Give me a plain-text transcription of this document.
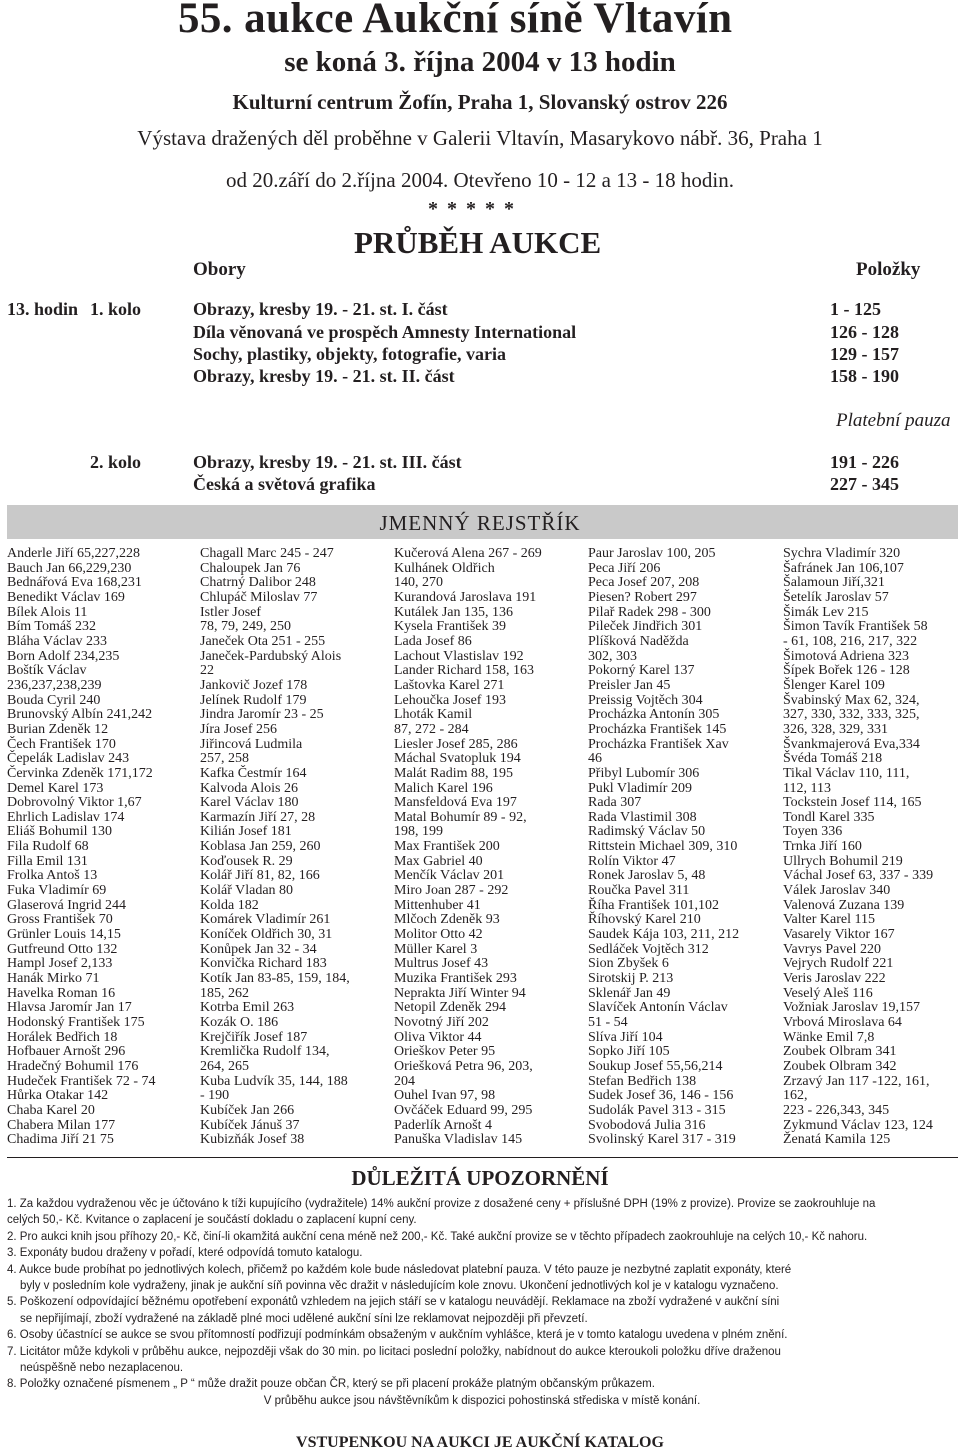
55. aukce Aukční síně Vltavín
se koná 3. října 2004 v 13 hodin
Kulturní centrum Žofín, Praha 1, Slovanský ostrov 226
Výstava dražených děl proběhne v Galerii Vltavín, Masarykovo nábř. 36, Praha 1
od 20.září do 2.října 2004. Otevřeno 10 - 12 a 13 - 18 hodin.
* * * * *
PRŮBĚH AUKCE
Obory	Položky
13. hodin 1. kolo	Obrazy, kresby 19. - 21. st. I. část	1 - 125
Díla věnovaná ve prospěch Amnesty International	126 - 128
Sochy, plastiky, objekty, fotografie, varia	129 - 157
Obrazy, kresby 19. - 21. st. II. část	158 - 190
Platební pauza
2. kolo	Obrazy, kresby 19. - 21. st. III. část	191 - 226
Česká a světová grafika	227 - 345
JMENNÝ REJSTŘÍK
Anderle Jiří 65,227,228
Bauch Jan 66,229,230
Bednářová Eva 168,231
Benedikt Václav 169
Bílek Alois 11
Bím Tomáš 232
Bláha Václav 233
Born Adolf 234,235
Boštík Václav
236,237,238,239
Bouda Cyril 240
Brunovský Albín 241,242
Burian Zdeněk 12
Čech František 170
Čepelák Ladislav 243
Červinka Zdeněk 171,172
Demel Karel 173
Dobrovolný Viktor 1,67
Ehrlich Ladislav 174
Eliáš Bohumil 130
Fila Rudolf 68
Filla Emil 131
Frolka Antoš 13
Fuka Vladimír 69
Glaserová Ingrid 244
Gross František 70
Grünler Louis 14,15
Gutfreund Otto 132
Hampl Josef 2,133
Hanák Mirko 71
Havelka Roman 16
Hlavsa Jaromír Jan 17
Hodonský František 175
Horálek Bedřich 18
Hofbauer Arnošt 296
Hradečný Bohumil 176
Hudeček František 72 - 74
Hůrka Otakar 142
Chaba Karel 20
Chabera Milan 177
Chadima Jiří 21 75
Chagall Marc 245 - 247
Chaloupek Jan 76
Chatrný Dalibor 248
Chlupáč Miloslav 77
Istler Josef
78, 79, 249, 250
Janeček Ota 251 - 255
Janeček-Pardubský Alois
22
Jankovič Jozef 178
Jelínek Rudolf 179
Jindra Jaromír 23 - 25
Jíra Josef 256
Jiřincová Ludmila
257, 258
Kafka Čestmír 164
Kalvoda Alois 26
Karel Václav 180
Karmazín Jiří 27, 28
Kilián Josef 181
Koblasa Jan 259, 260
Koďousek R. 29
Kolář Jiří 81, 82, 166
Kolář Vladan 80
Kolda 182
Komárek Vladimír 261
Koníček Oldřich 30, 31
Konůpek Jan 32 - 34
Konvička Richard 183
Kotík Jan 83-85, 159, 184,
185, 262
Kotrba Emil 263
Kozák O. 186
Krejčiřík Josef 187
Kremlička Rudolf 134,
264, 265
Kuba Ludvík 35, 144, 188
- 190
Kubíček Jan 266
Kubíček Jánuš 37
Kubizňák Josef 38
Kučerová Alena 267 - 269
Kulhánek Oldřich
140, 270
Kurandová Jaroslava 191
Kutálek Jan 135, 136
Kysela František 39
Lada Josef 86
Lachout Vlastislav 192
Lander Richard 158, 163
Laštovka Karel 271
Lehoučka Josef 193
Lhoták Kamil
87, 272 - 284
Liesler Josef 285, 286
Máchal Svatopluk 194
Malát Radim 88, 195
Malich Karel 196
Mansfeldová Eva 197
Matal Bohumír 89 - 92,
198, 199
Max František 200
Max Gabriel 40
Menčík Václav 201
Miro Joan 287 - 292
Mittenhuber 41
Mlčoch Zdeněk 93
Molitor Otto 42
Müller Karel 3
Multrus Josef 43
Muzika František 293
Neprakta Jiří Winter 94
Netopil Zdeněk 294
Novotný Jiří 202
Oliva Viktor 44
Orieškov Peter 95
Oriešková Petra 96, 203,
204
Ouhel Ivan 97, 98
Ovčáček Eduard 99, 295
Paderlík Arnošt 4
Panuška Vladislav 145
Paur Jaroslav 100, 205
Peca Jiří 206
Peca Josef 207, 208
Piesen? Robert 297
Pilař Radek 298 - 300
Pileček Jindřich 301
Plíšková Naděžda
302, 303
Pokorný Karel 137
Preisler Jan 45
Preissig Vojtěch 304
Procházka Antonín 305
Procházka František 145
Procházka František Xav
46
Přibyl Lubomír 306
Pukl Vladimír 209
Rada 307
Rada Vlastimil 308
Radimský Václav 50
Rittstein Michael 309, 310
Rolín Viktor 47
Ronek Jaroslav 5, 48
Roučka Pavel 311
Říha František 101,102
Říhovský Karel 210
Saudek Kája 103, 211, 212
Sedláček Vojtěch 312
Sion Zbyšek 6
Sirotskij P. 213
Sklenář Jan 49
Slavíček Antonín Václav
51 - 54
Slíva Jiří 104
Sopko Jiří 105
Soukup Josef 55,56,214
Stefan Bedřich 138
Sudek Josef 36, 146 - 156
Sudolák Pavel 313 - 315
Svobodová Julia 316
Svolinský Karel 317 - 319
Sychra Vladimír 320
Šafránek Jan 106,107
Šalamoun Jiří,321
Šetelík Jaroslav 57
Šimák Lev 215
Šimon Tavík František 58
- 61, 108, 216, 217, 322
Šimotová Adriena 323
Šípek Bořek 126 - 128
Šlenger Karel 109
Švabinský Max 62, 324,
327, 330, 332, 333, 325,
326, 328, 329, 331
Švankmajerová Eva,334
Švéda Tomáš 218
Tikal Václav 110, 111,
112, 113
Tockstein Josef 114, 165
Tondl Karel 335
Toyen 336
Trnka Jiří 160
Ullrych Bohumil 219
Váchal Josef 63, 337 - 339
Válek Jaroslav 340
Valenová Zuzana 139
Valter Karel 115
Vasarely Viktor 167
Vavrys Pavel 220
Vejrych Rudolf 221
Veris Jaroslav 222
Veselý Aleš 116
Vožniak Jaroslav 19,157
Vrbová Miroslava 64
Wänke Emil 7,8
Zoubek Olbram 341
Zoubek Olbram 342
Zrzavý Jan 117 -122, 161,
162,
223 - 226,343, 345
Zykmund Václav 123, 124
Ženatá Kamila 125
DŮLEŽITÁ UPOZORNĚNÍ
1. Za každou vydraženou věc je účtováno k tíži kupujícího (vydražitele) 14% aukční provize z dosažené ceny + příslušné DPH (19% z provize). Provize se zaokrouhluje na
celých 50,- Kč. Kvitance o zaplacení je součástí dokladu o zaplacení kupní ceny.
2. Pro aukci knih jsou příhozy 20,- Kč, činí-li okamžitá aukční cena méně než 200,- Kč. Také aukční provize se v těchto případech zaokrouhluje na celých 10,- Kč nahoru.
3. Exponáty budou draženy v pořadí, které odpovídá tomuto katalogu.
4. Aukce bude probíhat po jednotlivých kolech, přičemž po každém kole bude následovat platební pauza. V této pauze je nezbytné zaplatit exponáty, které
byly v posledním kole vydraženy, jinak je aukční síň povinna věc dražit v následujícím kole znovu. Ukončení jednotlivých kol je v katalogu vyznačeno.
5. Poškození odpovídající běžnému opotřebení exponátů vzhledem na jejich stáří se v katalogu neuvádějí. Reklamace na zboží vydražené v aukční síni
se nepřijímají, zboží vydražené na základě plné moci udělené aukční síni lze reklamovat nejpozději při převzetí.
6. Osoby účastnící se aukce se svou přítomností podřizují podmínkám obsaženým v aukčním vyhlášce, která je v tomto katalogu uvedena v plném znění.
7. Licitátor může kdykoli v průběhu aukce, nejpozději však do 30 min. po licitaci poslední položky, nabídnout do aukce kteroukoli položku dříve draženou
neúspěšně nebo nezaplacenou.
8. Položky označené písmenem „ P “ může dražit pouze občan ČR, který se při placení prokáže platným občanským průkazem.
V průběhu aukce jsou návštěvníkům k dispozici pohostinská střediska v místě konání.
VSTUPENKOU NA AUKCI JE AUKČNÍ KATALOG
